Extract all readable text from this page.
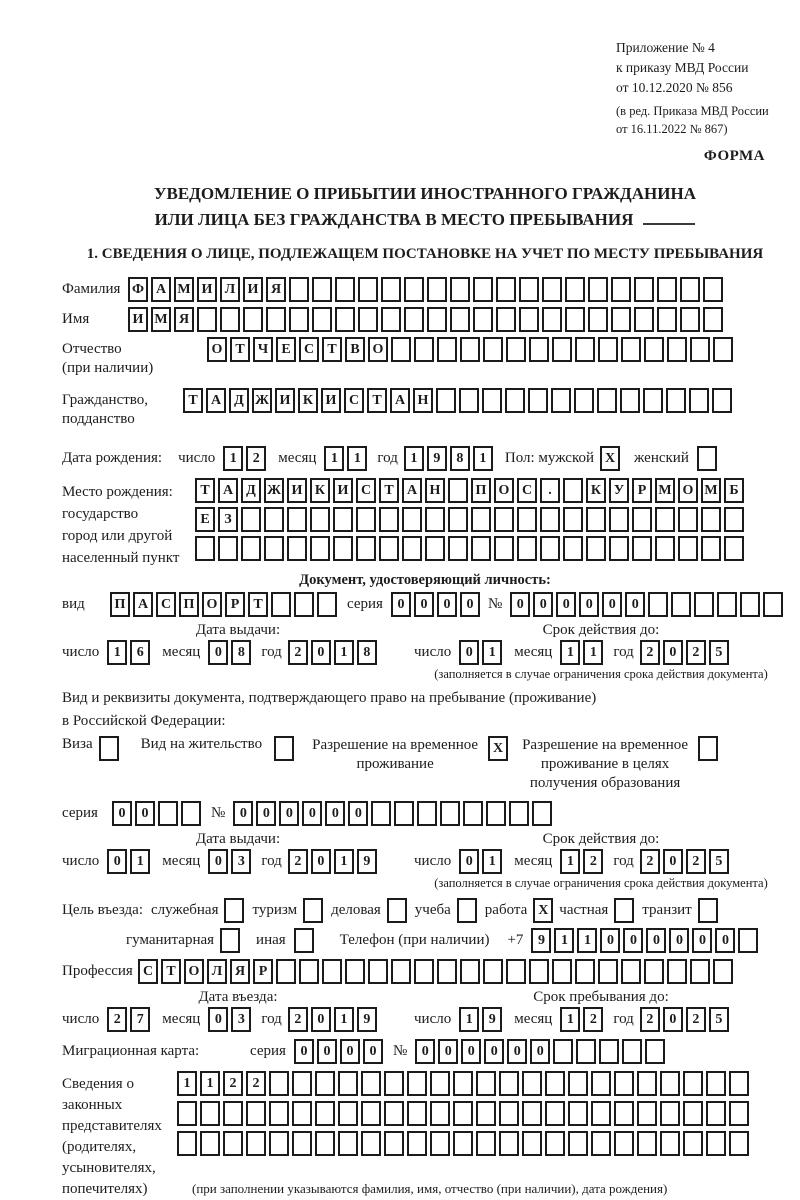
Приложение № 4
к приказу МВД России
от 10.12.2020 № 856
(в ред. Приказа МВД России
от 16.11.2022 № 867)
ФОРМА
УВЕДОМЛЕНИЕ О ПРИБЫТИИ ИНОСТРАННОГО ГРАЖДАНИНА
ИЛИ ЛИЦА БЕЗ ГРАЖДАНСТВА В МЕСТО ПРЕБЫВАНИЯ
1. СВЕДЕНИЯ О ЛИЦЕ, ПОДЛЕЖАЩЕМ ПОСТАНОВКЕ НА УЧЕТ ПО МЕСТУ ПРЕБЫВАНИЯ
Фамилия Ф А М И Л И Я
Имя	И М Я
Отчество
(при наличии)
О Т Ч Е С Т В О
Гражданство,
подданство
Т А Д Ж И К И С Т А Н
Дата рождения: число	1	2	месяц	1	1	год 1	9	8	1	Пол: мужской X	женский
Место рождения:
государство
город или другой
населенный пункт
Т А Д Ж И К И С Т А Н	П О С	.	К У Р М О М Б
Е	З
Документ, удостоверяющий личность:
вид	П А С П О Р	Т	серия	0	0	0	0 №	0	0	0	0	0	0
Дата выдачи:
число	1	6	месяц	0	8	год 2	0	1	8
Срок действия до:
число	0	1	месяц	1	1	год 2	0	2	5
(заполняется в случае ограничения срока действия документа)
Вид и реквизиты документа, подтверждающего право на пребывание (проживание)
в Российской Федерации:
Виза	Вид на жительство	Разрешение на временное
проживание
X	Разрешение на временное
проживание в целях
получения образования
серия	0	0	№	0	0	0	0	0	0
Дата выдачи:
число	0	1	месяц	0	3	год 2	0	1	9
Срок действия до:
число	0	1	месяц	1	2	год 2	0	2	5
(заполняется в случае ограничения срока действия документа)
Цель въезда: служебная туризм деловая учеба работа X частная транзит
гуманитарная	иная	Телефон (при наличии) +7	9	1	1	0	0	0	0	0	0
Профессия С Т О Л Я Р
Дата въезда:
число	2	7	месяц	0	3	год 2	0	1	9
Срок пребывания до:
число	1	9	месяц	1	2	год 2	0	2	5
Миграционная карта:	серия	0	0	0	0	№	0	0	0	0	0	0
Сведения о
законных
представителях
(родителях,
усыновителях,
попечителях)
1	1	2	2
(при заполнении указываются фамилия, имя, отчество (при наличии), дата рождения)
